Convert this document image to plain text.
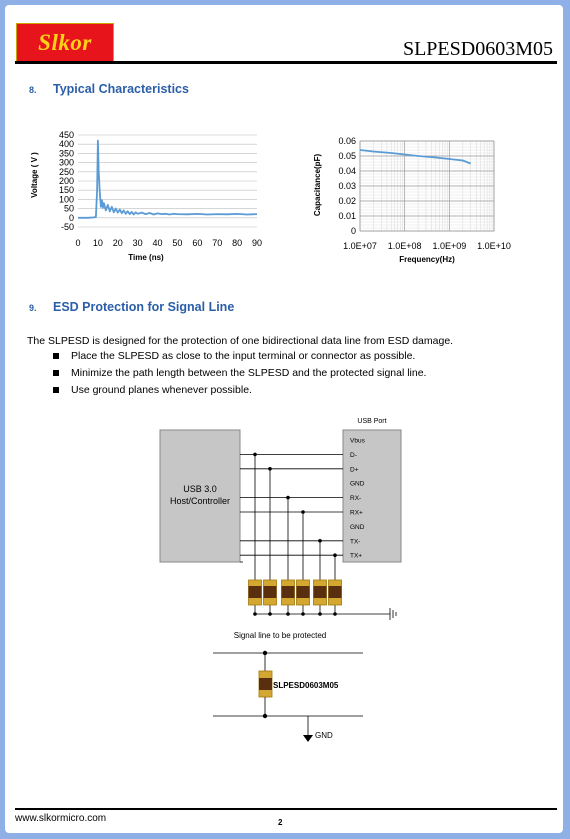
Slkor	SLPESD0603M05
8. Typical Characteristics
450
400
350
300
250
200
150
100
50
0
-50
0 10 20 30 40 50 60 70 80 90
Time (ns)
Voltage ( V )
0.06
0.05
0.04
0.03
0.02
0.01
0
1.0E+07 1.0E+08 1.0E+09 1.0E+10
Frequency(Hz)
Capacitance(pF)
9. ESD Protection for Signal Line
The SLPESD is designed for the protection of one bidirectional data line from ESD damage.
Place the SLPESD as close to the input terminal or connector as possible.
Minimize the path length between the SLPESD and the protected signal line.
Use ground planes whenever possible.
USB Port
USB 3.0
Host/Controller
Vbus
D-
D+
GND
RX-
RX+
GND
TX-
TX+
Signal line to be protected
SLPESD0603M05
GND
www.slkormicro.com	2
